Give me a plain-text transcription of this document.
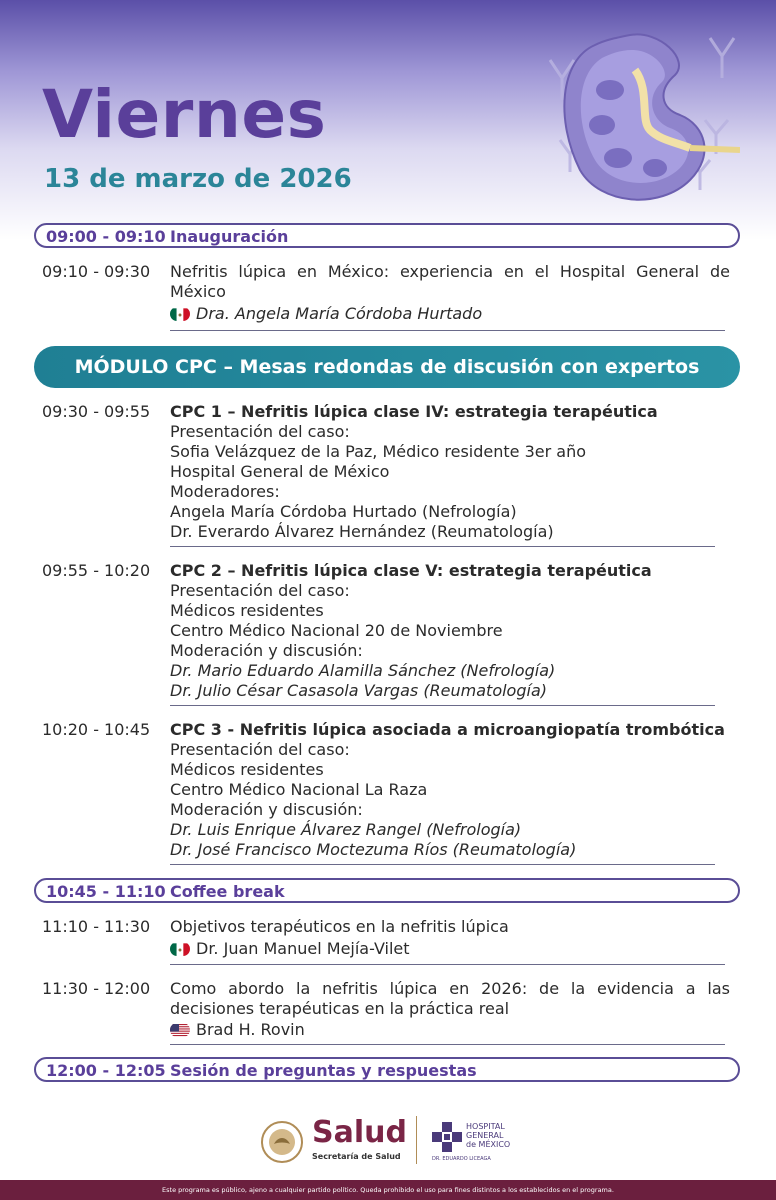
Viernes
13 de marzo de 2026
09:00 - 09:10 Inauguración
09:10 - 09:30 Nefritis lúpica en México: experiencia en el Hospital General de México
Dra. Angela María Córdoba Hurtado
MÓDULO CPC – Mesas redondas de discusión con expertos
09:30 - 09:55 CPC 1 – Nefritis lúpica clase IV: estrategia terapéutica
Presentación del caso:
Sofia Velázquez de la Paz, Médico residente 3er año
Hospital General de México
Moderadores:
Angela María Córdoba Hurtado (Nefrología)
Dr. Everardo Álvarez Hernández (Reumatología)
09:55 - 10:20 CPC 2 – Nefritis lúpica clase V: estrategia terapéutica
Presentación del caso:
Médicos residentes
Centro Médico Nacional 20 de Noviembre
Moderación y discusión:
Dr. Mario Eduardo Alamilla Sánchez (Nefrología)
Dr. Julio César Casasola Vargas (Reumatología)
10:20 - 10:45 CPC 3 - Nefritis lúpica asociada a microangiopatía trombótica
Presentación del caso:
Médicos residentes
Centro Médico Nacional La Raza
Moderación y discusión:
Dr. Luis Enrique Álvarez Rangel (Nefrología)
Dr. José Francisco Moctezuma Ríos (Reumatología)
10:45 - 11:10 Coffee break
11:10 - 11:30 Objetivos terapéuticos en la nefritis lúpica
Dr. Juan Manuel Mejía-Vilet
11:30 - 12:00 Como abordo la nefritis lúpica en 2026: de la evidencia a las decisiones terapéuticas en la práctica real
Brad H. Rovin
12:00 - 12:05 Sesión de preguntas y respuestas
Salud
Secretaría de Salud
HOSPITAL
GENERAL
de MÉXICO
DR. EDUARDO LICEAGA
Este programa es público, ajeno a cualquier partido político. Queda prohibido el uso para fines distintos a los establecidos en el programa.
